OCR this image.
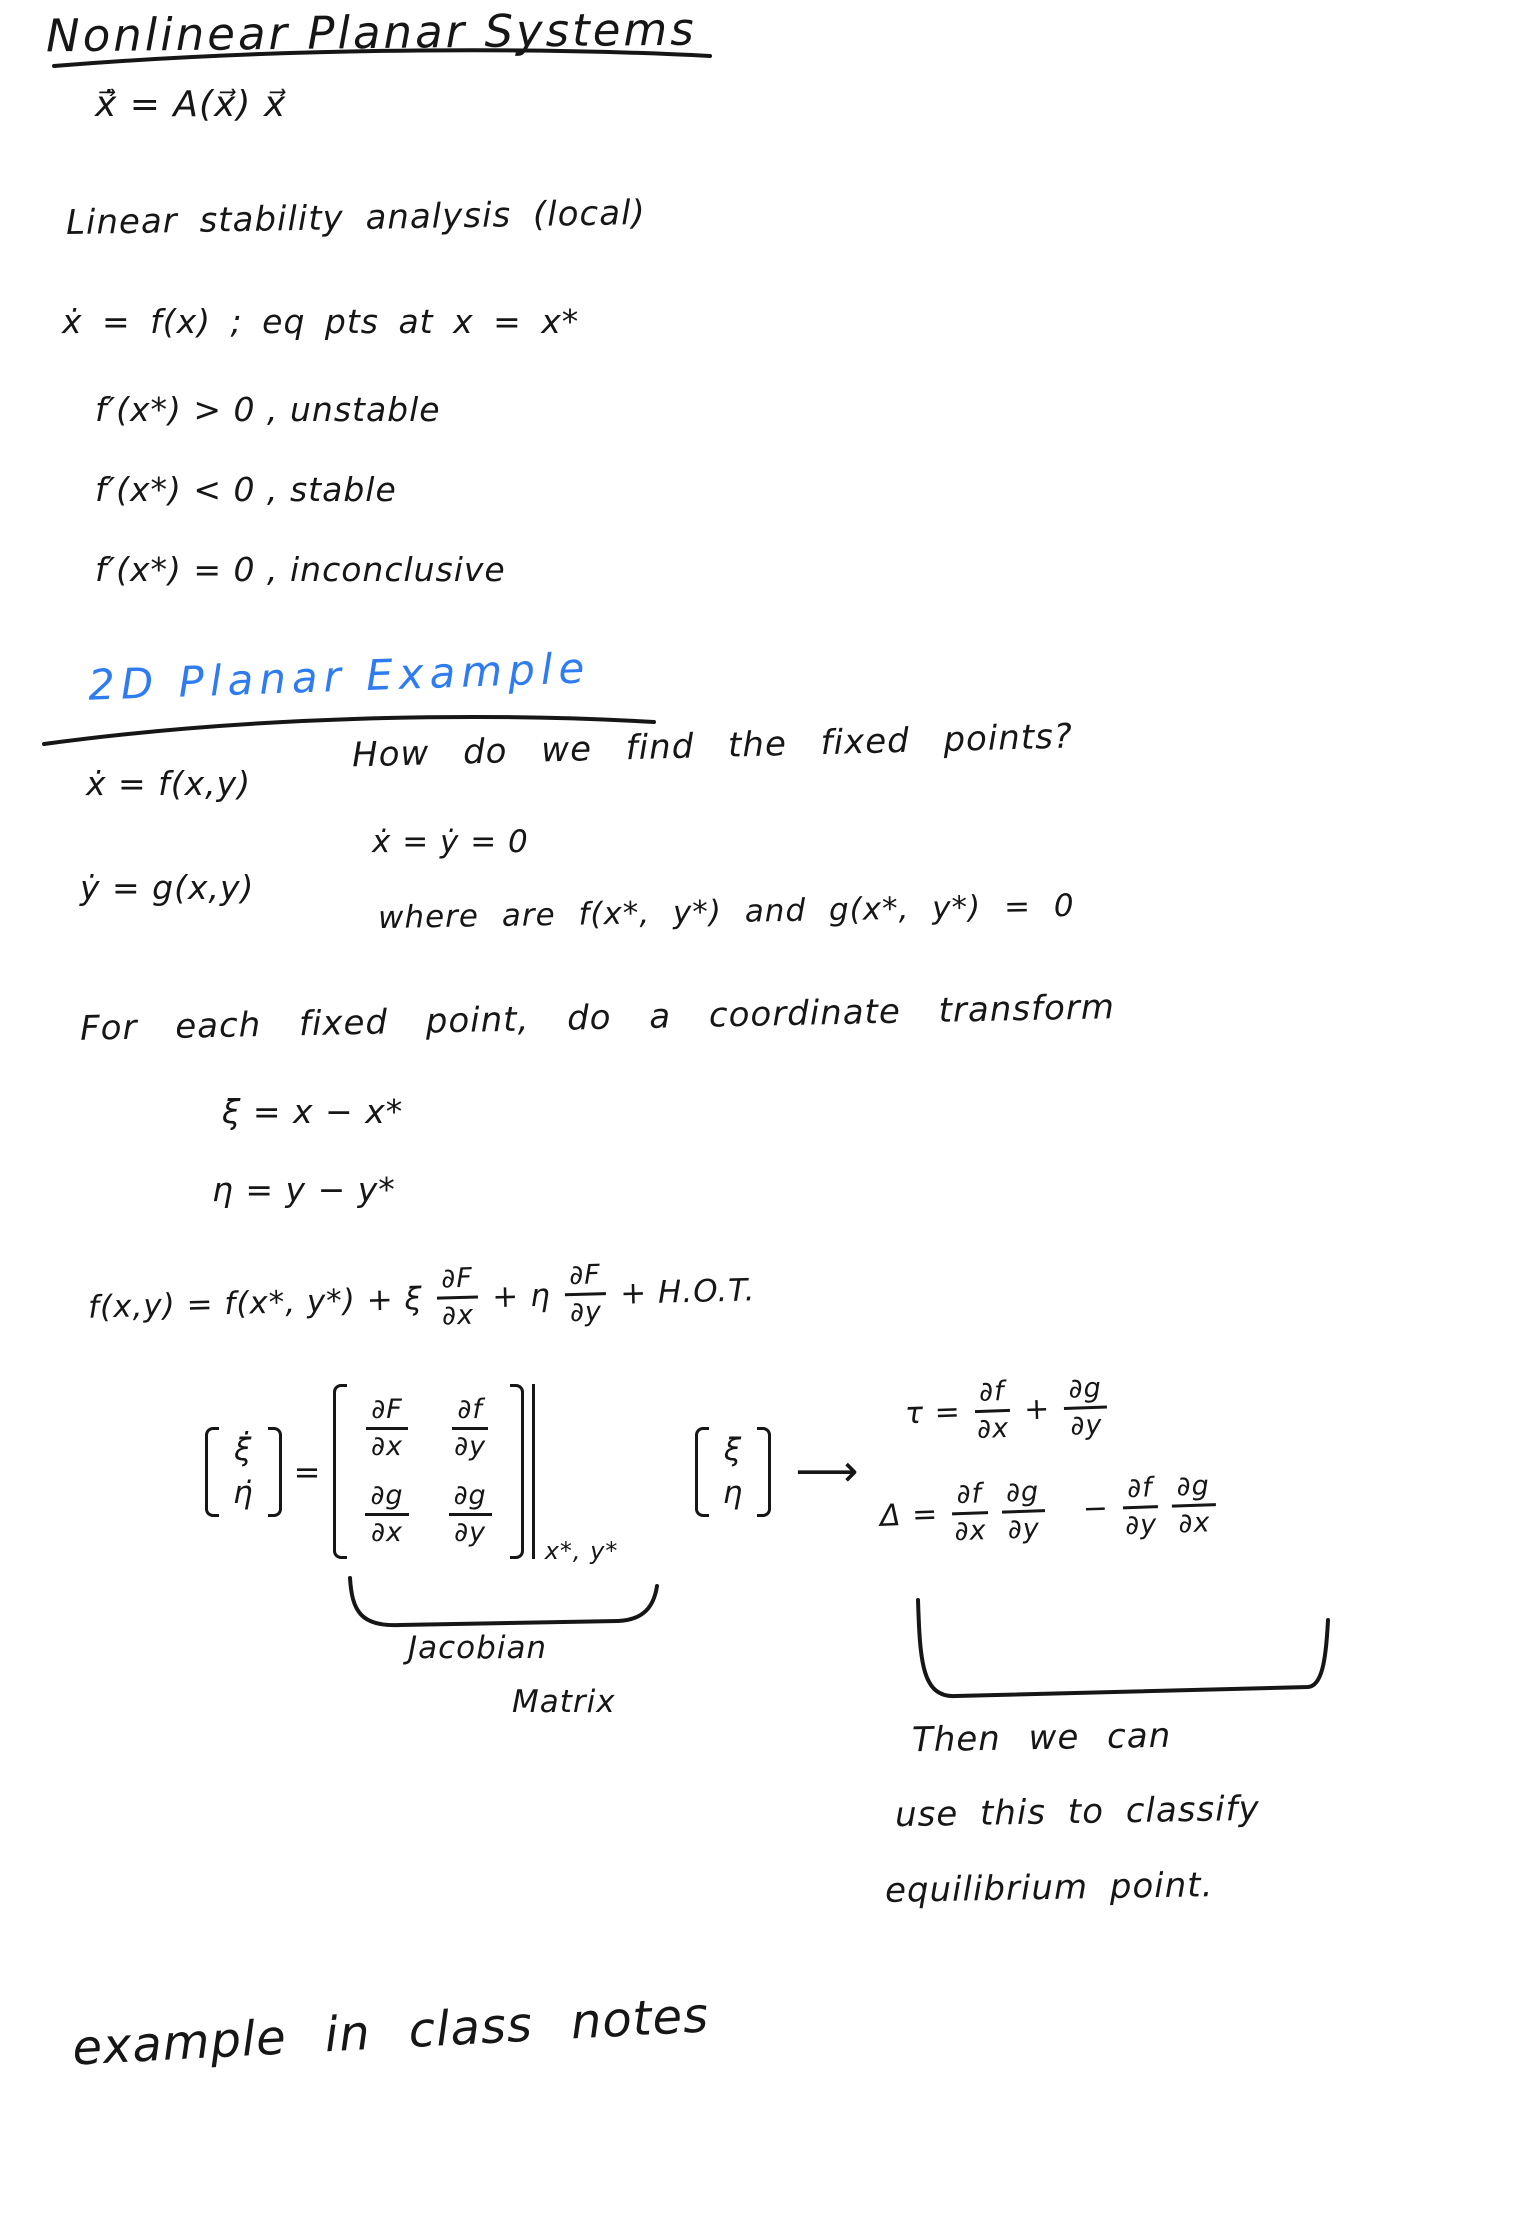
Nonlinear Planar Systems
ẋ⃗ = A(x⃗) x⃗
Linear stability analysis (local)
ẋ = f(x) ; eq pts at x = x*
f′(x*) > 0 , unstable
f′(x*) < 0 , stable
f′(x*) = 0 , inconclusive
2D Planar Example
ẋ = f(x,y)
How do we find the fixed points?
ẋ = ẏ = 0
ẏ = g(x,y)
where are f(x*, y*) and g(x*, y*) = 0
For each fixed point, do a coordinate transform
ξ = x − x*
η = y − y*
f(x,y) = f(x*, y*) + ξ $\frac{\partial F}{\partial x} + \eta \frac{\partial F}{\partial y} + H.O.T$.
ξ̇
η̇
=
$\frac{\partial F}{\partial x} \frac{\partial f}{\partial y}$
$\frac{\partial g}{\partial x} \frac{\partial g}{\partial y}$
x*, y*
ξ
η ⟶
$\tau = \frac{\partial f}{\partial x} + \frac{\partial g}{\partial y}$
$\Delta = \frac{\partial f}{\partial x} \frac{\partial g}{\partial y} - \frac{\partial f}{\partial y} \frac{\partial g}{\partial x}$
Jacobian
Matrix
Then we can
use this to classify
equilibrium point.
example in class notes
